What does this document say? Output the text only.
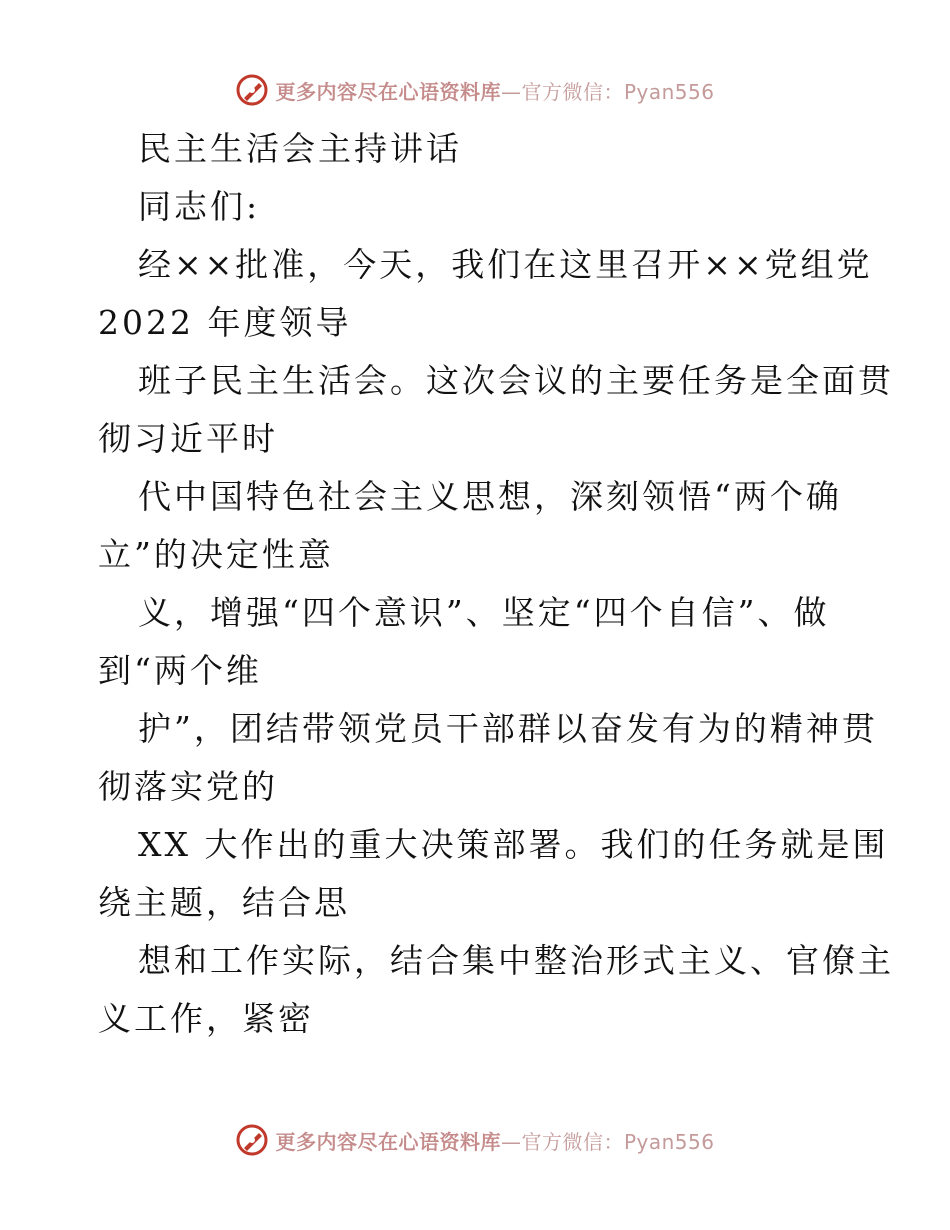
更多内容尽在心语资料库—官方微信：Pyan556
民主生活会主持讲话
同志们:
经××批准，今天，我们在这里召开××党组党
2022 年度领导
班子民主生活会。这次会议的主要任务是全面贯
彻习近平时
代中国特色社会主义思想，深刻领悟“两个确
立”的决定性意
义，增强“四个意识”、坚定“四个自信”、做
到“两个维
护”，团结带领党员干部群以奋发有为的精神贯
彻落实党的
XX 大作出的重大决策部署。我们的任务就是围
绕主题，结合思
想和工作实际，结合集中整治形式主义、官僚主
义工作，紧密
更多内容尽在心语资料库—官方微信：Pyan556
